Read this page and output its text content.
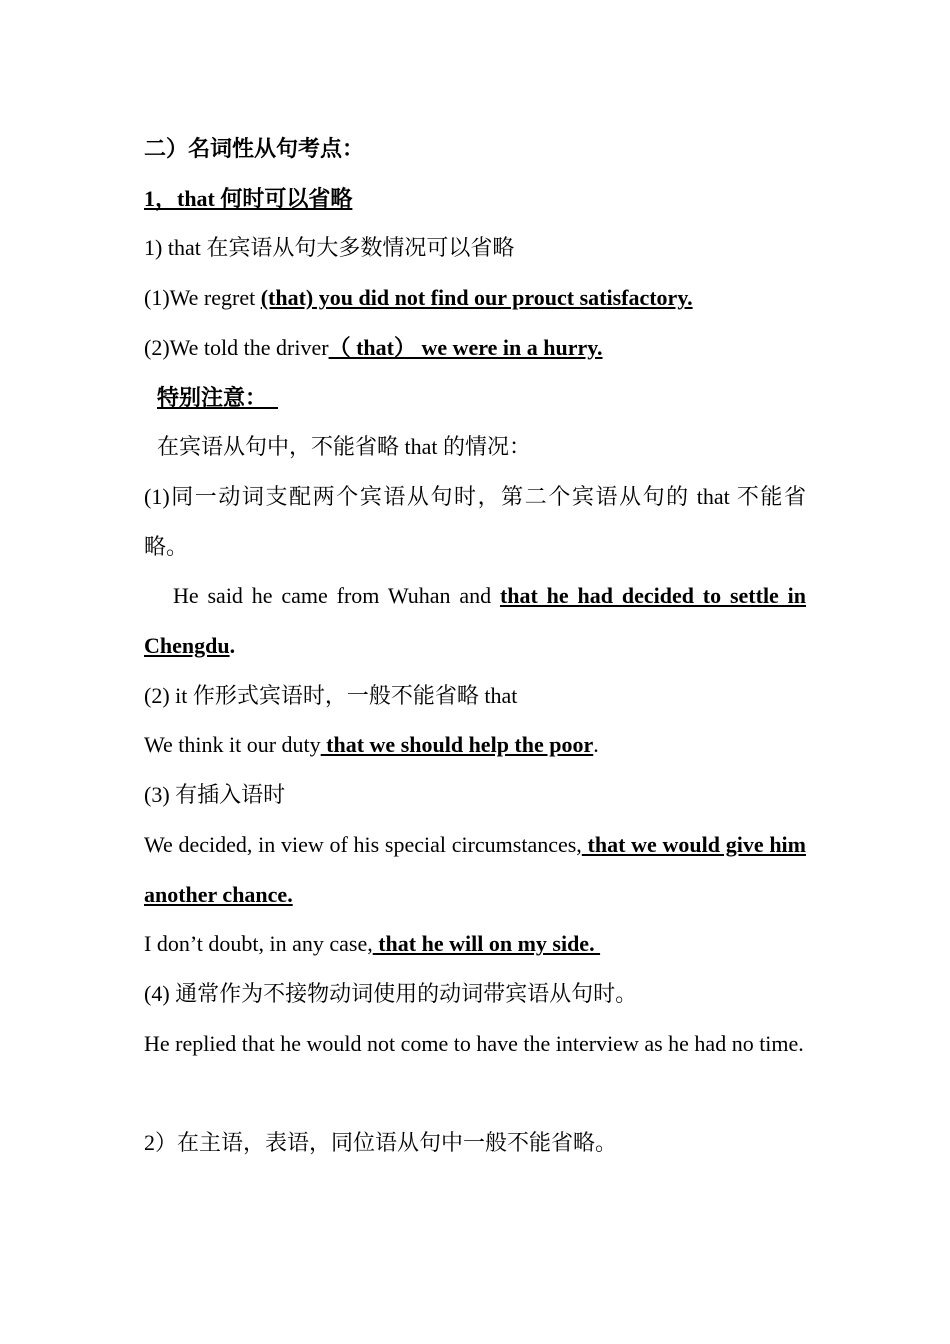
二）名词性从句考点：

1，that 何时可以省略

1) that 在宾语从句大多数情况可以省略

(1)We regret (that) you did not find our prouct satisfactory.

(2)We told the driver（ that） we were in a hurry.

特别注意：

在宾语从句中，不能省略 that 的情况：

(1)同一动词支配两个宾语从句时，第二个宾语从句的 that 不能省略。

He said he came from Wuhan and that he had decided to settle in Chengdu.

(2) it 作形式宾语时，一般不能省略 that

We think it our duty that we should help the poor.

(3) 有插入语时

We decided, in view of his special circumstances, that we would give him another chance.

I don’t doubt, in any case, that he will on my side.

(4) 通常作为不接物动词使用的动词带宾语从句时。

He replied that he would not come to have the interview as he had no time.

2）在主语，表语，同位语从句中一般不能省略。
